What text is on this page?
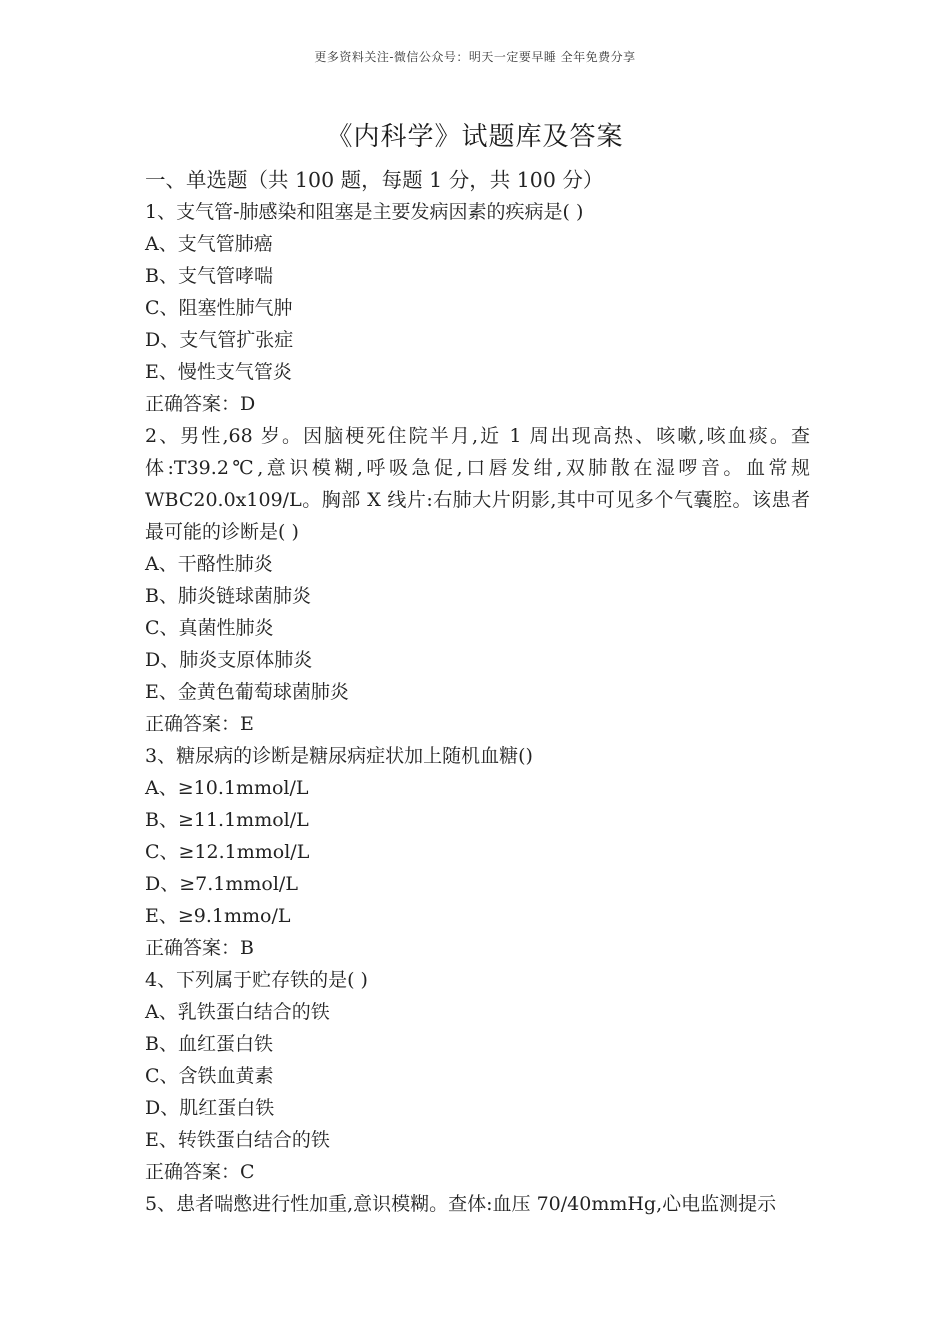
更多资料关注-微信公众号：明天一定要早睡 全年免费分享
《内科学》试题库及答案
一、单选题（共 100 题，每题 1 分，共 100 分）
1、支气管-肺感染和阻塞是主要发病因素的疾病是( )
A、支气管肺癌
B、支气管哮喘
C、阻塞性肺气肿
D、支气管扩张症
E、慢性支气管炎
正确答案：D
2、男性,68 岁。因脑梗死住院半月,近 1 周出现高热、咳嗽,咳血痰。查体:T39.2℃,意识模糊,呼吸急促,口唇发绀,双肺散在湿啰音。血常规 WBC20.0x109/L。胸部 X 线片:右肺大片阴影,其中可见多个气囊腔。该患者最可能的诊断是( )
A、干酪性肺炎
B、肺炎链球菌肺炎
C、真菌性肺炎
D、肺炎支原体肺炎
E、金黄色葡萄球菌肺炎
正确答案：E
3、糖尿病的诊断是糖尿病症状加上随机血糖()
A、≥10.1mmol/L
B、≥11.1mmol/L
C、≥12.1mmol/L
D、≥7.1mmol/L
E、≥9.1mmo/L
正确答案：B
4、下列属于贮存铁的是( )
A、乳铁蛋白结合的铁
B、血红蛋白铁
C、含铁血黄素
D、肌红蛋白铁
E、转铁蛋白结合的铁
正确答案：C
5、患者喘憋进行性加重,意识模糊。查体:血压 70/40mmHg,心电监测提示
